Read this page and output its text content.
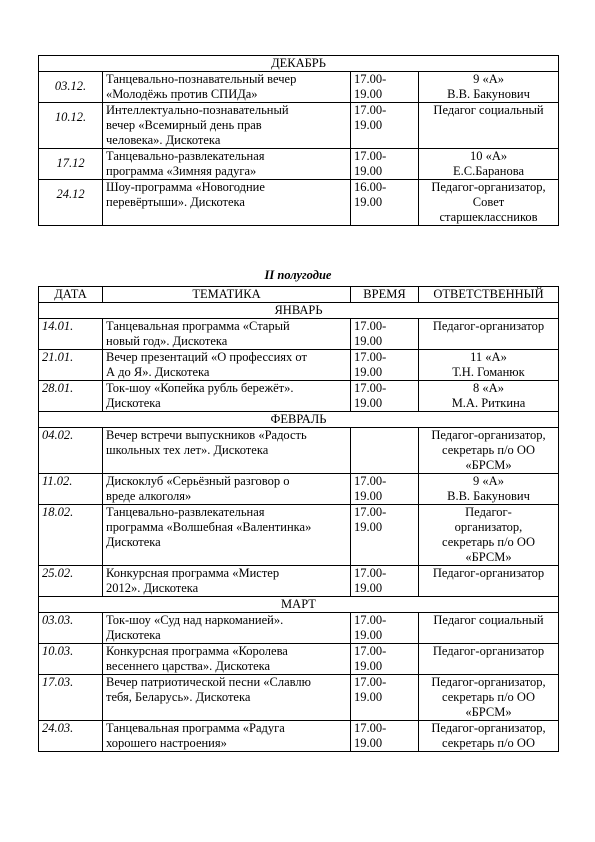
ДЕКАБРЬ			
03.12.	Танцевально-познавательный вечер
«Молодёжь против СПИДа»	17.00-
19.00	9 «А»
В.В. Бакунович

10.12.	Интеллектуально-познавательный
вечер «Всемирный день прав
человека». Дискотека	17.00-
19.00	Педагог социальный

17.12	Танцевально-развлекательная
программа «Зимняя радуга»	17.00-
19.00	10 «А»
Е.С.Баранова

24.12	Шоу-программа «Новогодние
перевёртыши». Дискотека	16.00-
19.00	Педагог-организатор,
Совет
старшеклассников
II полугодие
ДАТА	ТЕМАТИКА	ВРЕМЯ	ОТВЕТСТВЕННЫЙ
ЯНВАРЬ			
14.01.	Танцевальная программа «Старый
новый год». Дискотека	17.00-
19.00	Педагог-организатор

21.01.	Вечер презентаций «О профессиях от
А до Я». Дискотека	17.00-
19.00	11 «А»
Т.Н. Гоманюк

28.01.	Ток-шоу «Копейка рубль бережёт».
Дискотека	17.00-
19.00	8 «А»
М.А. Риткина

ФЕВРАЛЬ			
04.02.	Вечер встречи выпускников «Радость
школьных тех лет». Дискотека		Педагог-организатор,
секретарь п/о ОО
«БРСМ»

11.02.	Дискоклуб «Серьёзный разговор о
вреде алкоголя»	17.00-
19.00	9 «А»
В.В. Бакунович

18.02.	Танцевально-развлекательная
программа «Волшебная «Валентинка»
Дискотека	17.00-
19.00	Педагог-
организатор,
секретарь п/о ОО
«БРСМ»

25.02.	Конкурсная программа «Мистер
2012». Дискотека	17.00-
19.00	Педагог-организатор

МАРТ			
03.03.	Ток-шоу «Суд над наркоманией».
Дискотека	17.00-
19.00	Педагог социальный

10.03.	Конкурсная программа «Королева
весеннего царства». Дискотека	17.00-
19.00	Педагог-организатор

17.03.	Вечер патриотической песни «Славлю
тебя, Беларусь». Дискотека	17.00-
19.00	Педагог-организатор,
секретарь п/о ОО
«БРСМ»

24.03.	Танцевальная программа «Радуга
хорошего настроения»	17.00-
19.00	Педагог-организатор,
секретарь п/о ОО
